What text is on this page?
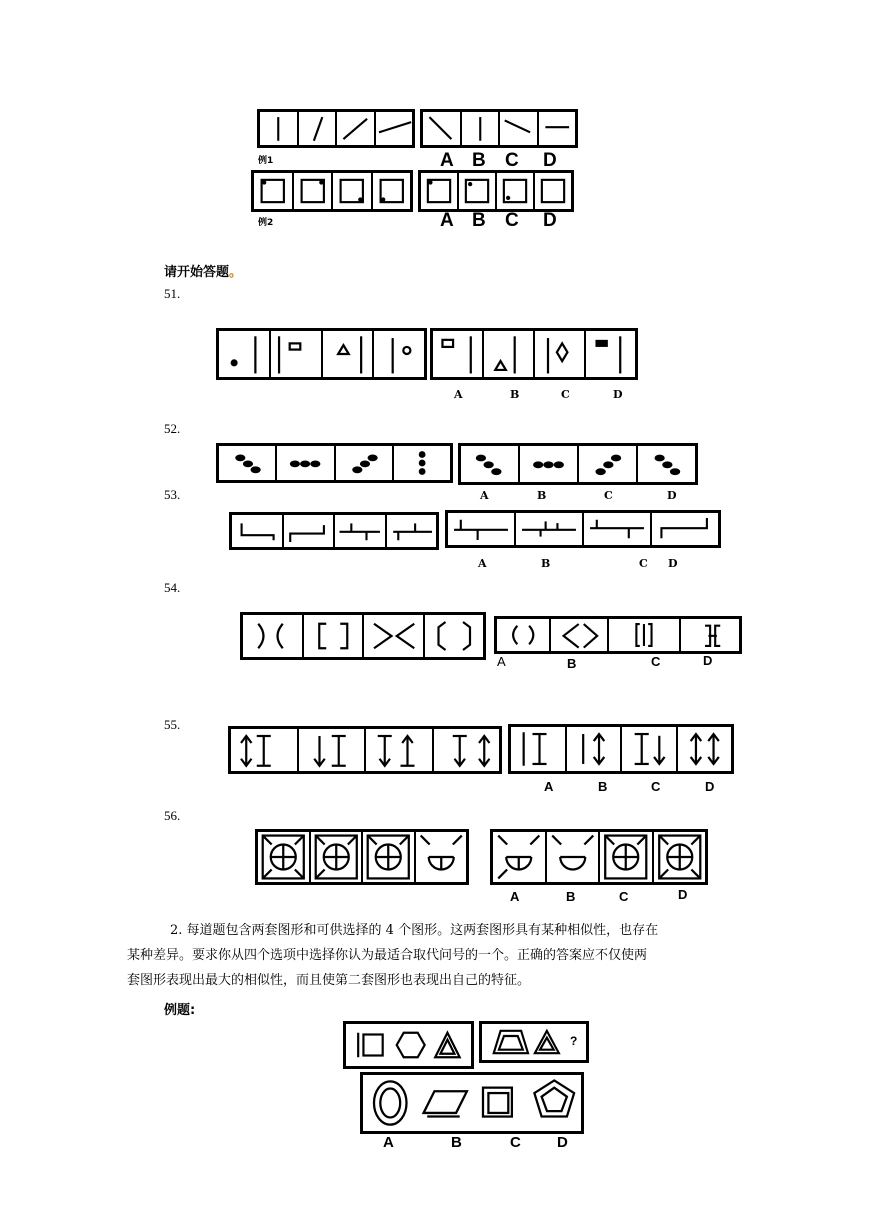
例1	A B C D
例2	A B C D
请开始答题。
51.
A	B	C	D
52.
A	B	C	D
53.
A	B	C D
54.
A	B	C	D
55.
A	B	C	D
56.
A	B	C	D
2. 每道题包含两套图形和可供选择的 4 个图形。这两套图形具有某种相似性，也存在
某种差异。要求你从四个选项中选择你认为最适合取代问号的一个。正确的答案应不仅使两
套图形表现出最大的相似性，而且使第二套图形也表现出自己的特征。
例题:
?
A	B	C D
